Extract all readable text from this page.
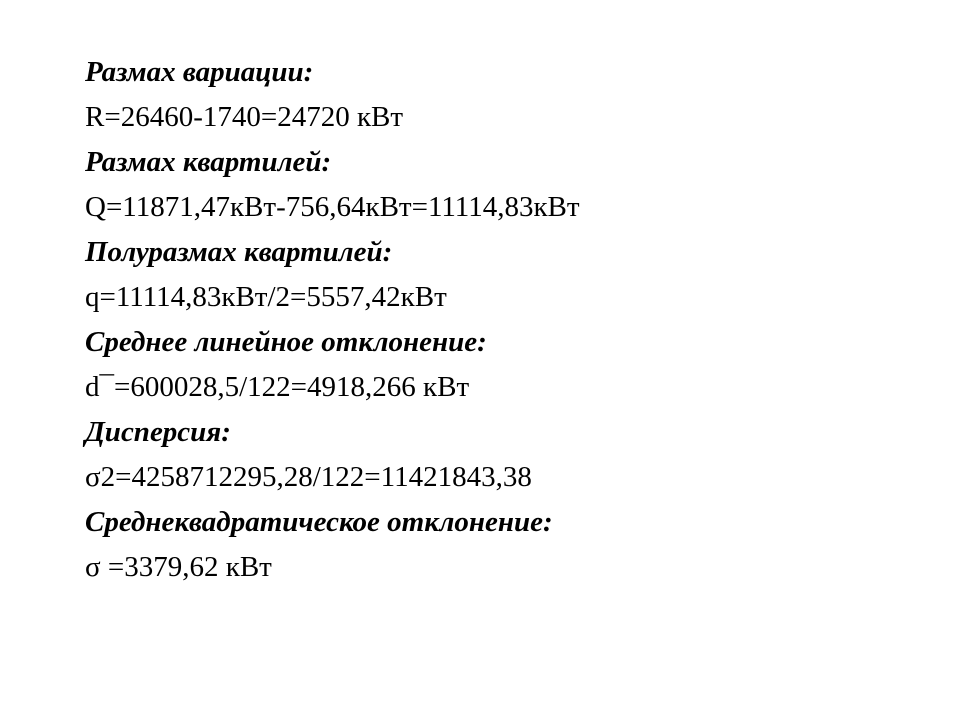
Размах вариации:
R=26460-1740=24720 кВт
Размах квартилей:
Q=11871,47кВт-756,64кВт=11114,83кВт
Полуразмах квартилей:
q=11114,83кВт/2=5557,42кВт
Среднее линейное отклонение:
d¯=600028,5/122=4918,266 кВт
Дисперсия:
σ2=4258712295,28/122=11421843,38
Среднеквадратическое отклонение:
σ =3379,62 кВт
